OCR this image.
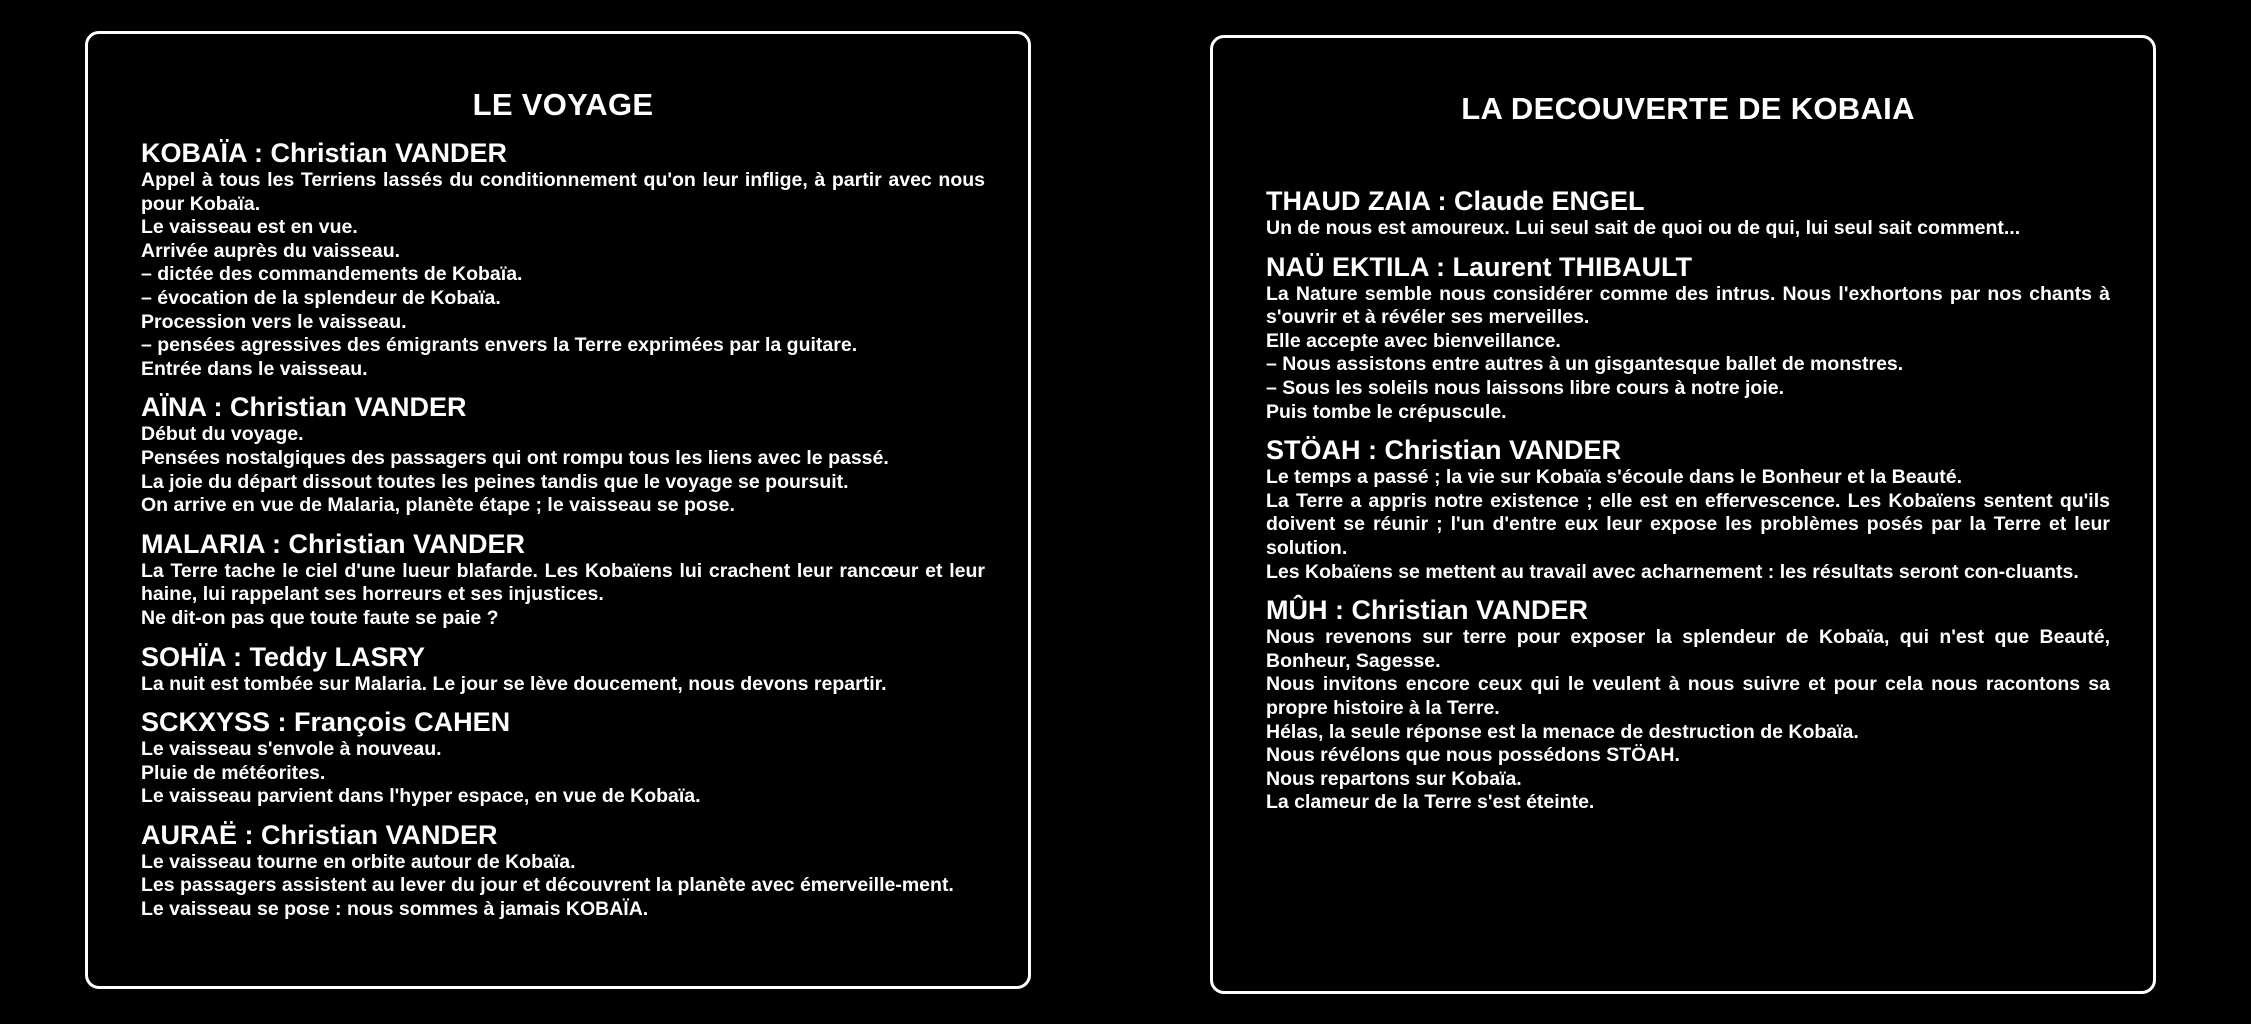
LE VOYAGE
KOBAÏA : Christian VANDER
Appel à tous les Terriens lassés du conditionnement qu'on leur inflige, à partir avec nous pour Kobaïa.
Le vaisseau est en vue.
Arrivée auprès du vaisseau.
– dictée des commandements de Kobaïa.
– évocation de la splendeur de Kobaïa.
Procession vers le vaisseau.
– pensées agressives des émigrants envers la Terre exprimées par la guitare.
Entrée dans le vaisseau.
AÏNA : Christian VANDER
Début du voyage.
Pensées nostalgiques des passagers qui ont rompu tous les liens avec le passé.
La joie du départ dissout toutes les peines tandis que le voyage se poursuit.
On arrive en vue de Malaria, planète étape ; le vaisseau se pose.
MALARIA : Christian VANDER
La Terre tache le ciel d'une lueur blafarde. Les Kobaïens lui crachent leur rancœur et leur haine, lui rappelant ses horreurs et ses injustices.
Ne dit-on pas que toute faute se paie ?
SOHÏA : Teddy LASRY
La nuit est tombée sur Malaria. Le jour se lève doucement, nous devons repartir.
SCKXYSS : François CAHEN
Le vaisseau s'envole à nouveau.
Pluie de météorites.
Le vaisseau parvient dans l'hyper espace, en vue de Kobaïa.
AURAË : Christian VANDER
Le vaisseau tourne en orbite autour de Kobaïa.
Les passagers assistent au lever du jour et découvrent la planète avec émerveille-ment.
Le vaisseau se pose : nous sommes à jamais KOBAÏA.
LA DECOUVERTE DE KOBAIA
THAUD ZAIA : Claude ENGEL
Un de nous est amoureux. Lui seul sait de quoi ou de qui, lui seul sait comment...
NAÜ EKTILA : Laurent THIBAULT
La Nature semble nous considérer comme des intrus. Nous l'exhortons par nos chants à s'ouvrir et à révéler ses merveilles.
Elle accepte avec bienveillance.
– Nous assistons entre autres à un gisgantesque ballet de monstres.
– Sous les soleils nous laissons libre cours à notre joie.
Puis tombe le crépuscule.
STÖAH : Christian VANDER
Le temps a passé ; la vie sur Kobaïa s'écoule dans le Bonheur et la Beauté.
La Terre a appris notre existence ; elle est en effervescence. Les Kobaïens sentent qu'ils doivent se réunir ; l'un d'entre eux leur expose les problèmes posés par la Terre et leur solution.
Les Kobaïens se mettent au travail avec acharnement : les résultats seront con-cluants.
MÛH : Christian VANDER
Nous revenons sur terre pour exposer la splendeur de Kobaïa, qui n'est que Beauté, Bonheur, Sagesse.
Nous invitons encore ceux qui le veulent à nous suivre et pour cela nous racontons sa propre histoire à la Terre.
Hélas, la seule réponse est la menace de destruction de Kobaïa.
Nous révélons que nous possédons STÖAH.
Nous repartons sur Kobaïa.
La clameur de la Terre s'est éteinte.
